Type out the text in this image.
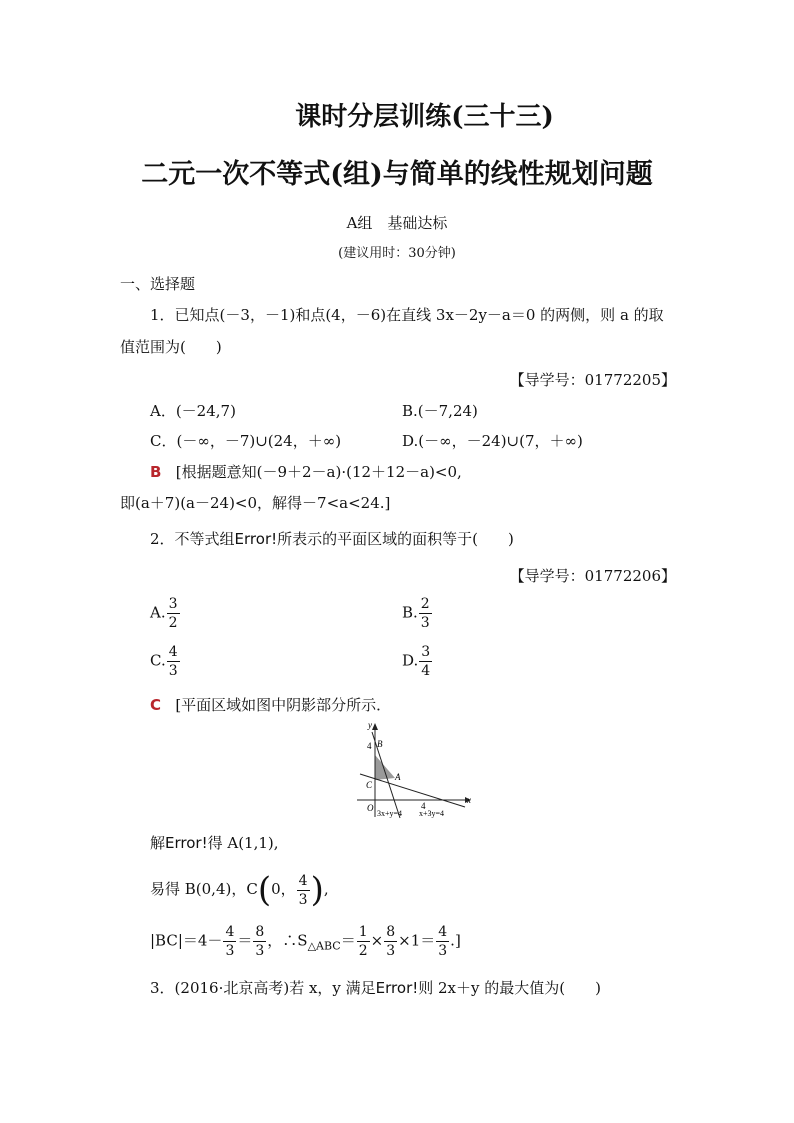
课时分层训练(三十三)
二元一次不等式(组)与简单的线性规划问题
A组　基础达标
(建议用时：30分钟)
一、选择题
1．已知点(－3，－1)和点(4，－6)在直线 3x－2y－a＝0 的两侧，则 a 的取
值范围为(　　)
【导学号：01772205】
A．(－24,7)	B.(－7,24)
C．(－∞，－7)∪(24，＋∞)	D.(－∞，－24)∪(7，＋∞)
B [根据题意知(－9＋2－a)·(12＋12－a)<0,
即(a＋7)(a－24)<0，解得－7<a<24.]
2．不等式组Error!所表示的平面区域的面积等于(　　)
【导学号：01772206】
A. $\frac{3}{2}$	B. $\frac{2}{3}$
C. $\frac{4}{3}$	D. $\frac{3}{4}$
C [平面区域如图中阴影部分所示．
y
x
O
B
A
C
4
4
3x+y=4 x+3y=4
解Error!得 A(1,1),
易得 B(0,4)，C(0， $\frac{4}{3}$ ),
$|BC|=4- \frac{4}{3} = \frac{8}{3}$ ，$\therefore S_{\triangle ABC}= \frac{1}{2} \times \frac{8}{3} \times 1= \frac{4}{3}$ .]
3．(2016·北京高考)若 x，y 满足Error!则 2x＋y 的最大值为(　　)
